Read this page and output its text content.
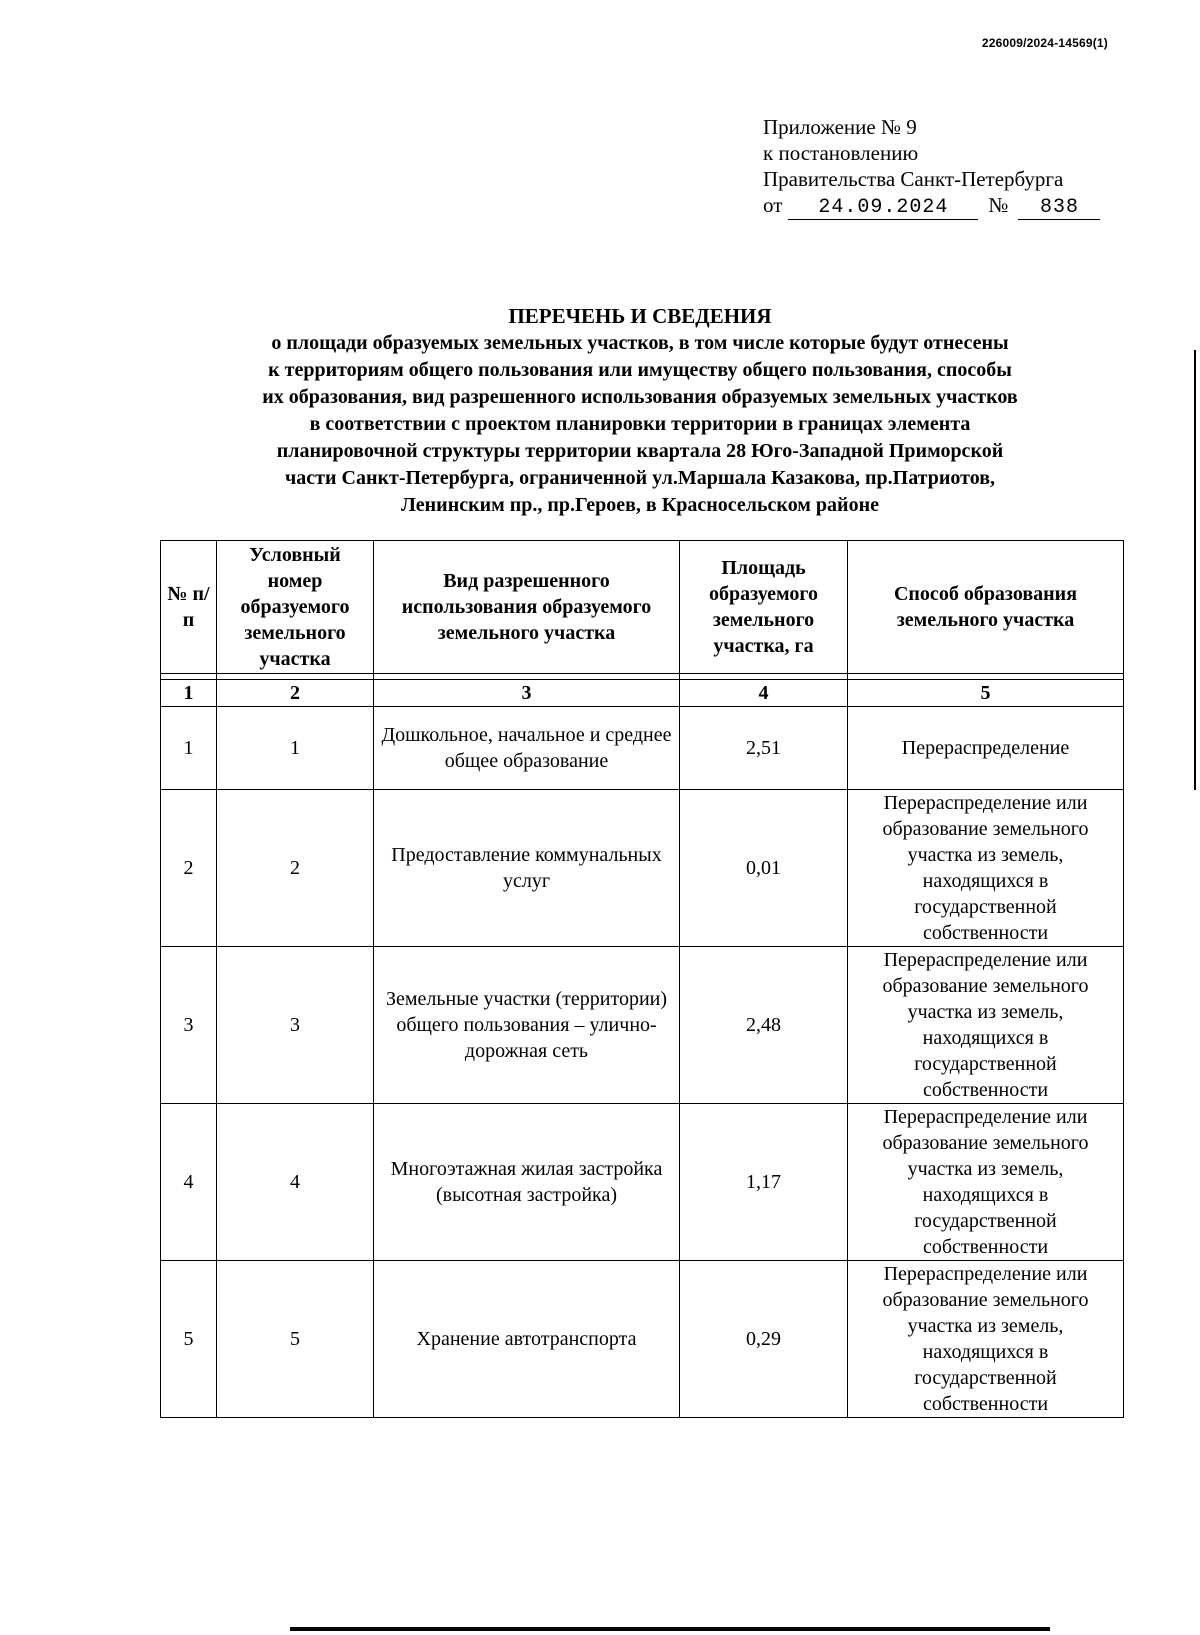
226009/2024-14569(1)
Приложение № 9
к постановлению
Правительства Санкт-Петербурга
от 24.09.2024 № 838
ПЕРЕЧЕНЬ И СВЕДЕНИЯ
о площади образуемых земельных участков, в том числе которые будут отнесены
к территориям общего пользования или имуществу общего пользования, способы
их образования, вид разрешенного использования образуемых земельных участков
в соответствии с проектом планировки территории в границах элемента
планировочной структуры территории квартала 28 Юго-Западной Приморской
части Санкт-Петербурга, ограниченной ул.Маршала Казакова, пр.Патриотов,
Ленинским пр., пр.Героев, в Красносельском районе
№ п/п	Условный номер образуемого земельного участка	Вид разрешенного использования образуемого земельного участка	Площадь образуемого земельного участка, га	Способ образования земельного участка

1	2	3	4	5
1	1	Дошкольное, начальное и среднее общее образование	2,51	Перераспределение
2	2	Предоставление коммунальных услуг	0,01	Перераспределение или образование земельного участка из земель, находящихся в государственной собственности
3	3	Земельные участки (территории) общего пользования – улично-дорожная сеть	2,48	Перераспределение или образование земельного участка из земель, находящихся в государственной собственности
4	4	Многоэтажная жилая застройка (высотная застройка)	1,17	Перераспределение или образование земельного участка из земель, находящихся в государственной собственности
5	5	Хранение автотранспорта	0,29	Перераспределение или образование земельного участка из земель, находящихся в государственной собственности
